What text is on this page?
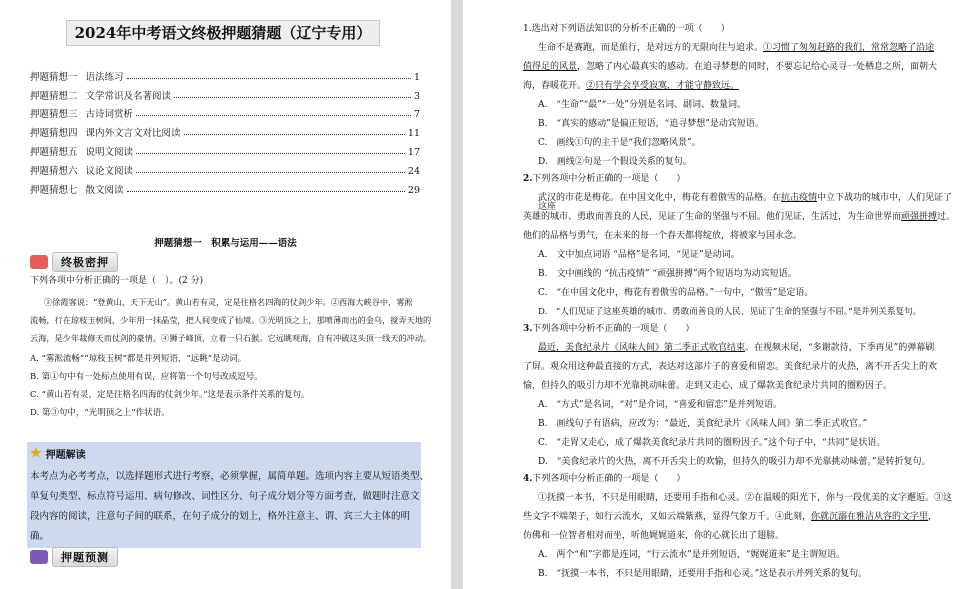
2024年中考语文终极押题猜题（辽宁专用）
押题猜想一 语法练习	1
押题猜想二 文学常识及名著阅读	3
押题猜想三 古诗词赏析	7
押题猜想四 课内外文言文对比阅读	11
押题猜想五 说明文阅读	17
押题猜想六 议论文阅读	24
押题猜想七 散文阅读	29
押题猜想一　积累与运用——语法
终极密押
下列各项中分析正确的一项是（　）。(2 分)
①徐霞客说：“登黄山，天下无山”。黄山若有灵，定是往格名四海的仗剑少年。②西海大峡谷中，雾淞
流畅，行在琼枝玉树间，少年用一抹晶莹，把人间变成了仙境。③光明顶之上，那喷薄而出的金乌，搅弄天地的
云海，是少年裁修天而仗剑的豪情。④狮子峰顶，立着一只石猴。它远眺观海，自有冲破这头顶一线天的冲动。
A. “雾淞流畅”“琼枝玉树”都是并列短语，“远眺”是动词。
B. 第①句中有一处标点使用有误，应将第一个句号改成逗号。
C. “黄山若有灵，定是往格名四海的仗剑少年。”这是表示条件关系的复句。
D. 第③句中，“光明顶之上”作状语。
★ 押题解读
本考点为必考考点，以选择题形式进行考察，必须掌握，属简单题。选项内容主要从短语类型、
单复句类型、标点符号运用、病句修改、词性区分、句子成分划分等方面考查，做题时注意文
段内容的阅读，注意句子间的联系，在句子成分的划上，格外注意主、谓、宾三大主体的明
确。
押题预测
1.选出对下列语法知识的分析不正确的一项（　　）
生命不是赛跑，而是旅行，是对远方的无限向往与追求。①习惯了匆匆赶路的我们，常常忽略了沿途
值得足的风景，忽略了内心最真实的感动。在追寻梦想的同时，不要忘记给心灵寻一处栖息之所，面朝大
海，春暖花开。②只有学会享受寂寞，才能守静致远。
A.　“生命”“最”“一处”分别是名词、副词、数量词。
B.　“真实的感动”是偏正短语，“追寻梦想”是动宾短语。
C.　画线①句的主干是“我们忽略风景”。
D.　画线②句是一个假设关系的复句。
2.下列各项中分析正确的一项是（　　）
武汉的市花是梅花。在中国文化中，梅花有着傲雪的品格。在抗击疫情中立下战功的城市中，人们见证了这座
英雄的城市、勇敢而善良的人民，见证了生命的坚强与不屈。他们见证，生活过，为生命世界而顽强拼搏过。
他们的品格与勇气，在未来的每一个春天都将绽放，将被家与国永念。
A.　文中加点词语 “品格”是名词，“见证”是动词。
B.　文中画线的 “抗击疫情” “顽强拼搏”两个短语均为动宾短语。
C.　“在中国文化中，梅花有着傲雪的品格。”一句中，“傲雪”是定语。
D.　“人们见证了这座英雄的城市、勇敢而善良的人民，见证了生命的坚强与不屈。”是并列关系复句。
3.下列各项中分析不正确的一项是（　　）
最近，美食纪录片《风味人间》第二季正式收官结束。在视频末尾，“多谢款待，下季再见”的弹幕刷
了屏。观众用这种最直接的方式，表达对这部片子的喜爱和留恋。美食纪录片的火热，离不开舌尖上的欢
愉，但持久的吸引力却不光靠挑动味蕾。走到又走心，成了爆款美食纪录片共同的圈粉因子。
A.　“方式”是名词，“对”是介词，“喜爱和留恋”是并列短语。
B.　画线句子有语病，应改为：“最近，美食纪录片《风味人间》第二季正式收官。”
C.　“走胃又走心，成了爆款美食纪录片共同的圈粉因子。”这个句子中，“共同”是状语。
D.　“美食纪录片的火热，离不开舌尖上的欢愉，但持久的吸引力却不光靠挑动味蕾。”是转折复句。
4.下列各项中分析正确的一项是（　　）
①抚摸一本书，不只是用眼睛，还要用手指和心灵。②在温暖的阳光下，你与一段优美的文字邂逅。③这
些文字不端架子，如行云流水，又如云端紫燕，显得气象万千。④此刻，你就沉溺在雅洁从容的文字里，
仿佛和一位智者相对而坐，听他娓娓道来，你的心就长出了翅膀。
A.　两个“和”字都是连词，“行云流水”是并列短语，“娓娓道来”是主谓短语。
B.　“抚摸一本书，不只是用眼睛，还要用手指和心灵。”这是表示并列关系的复句。
